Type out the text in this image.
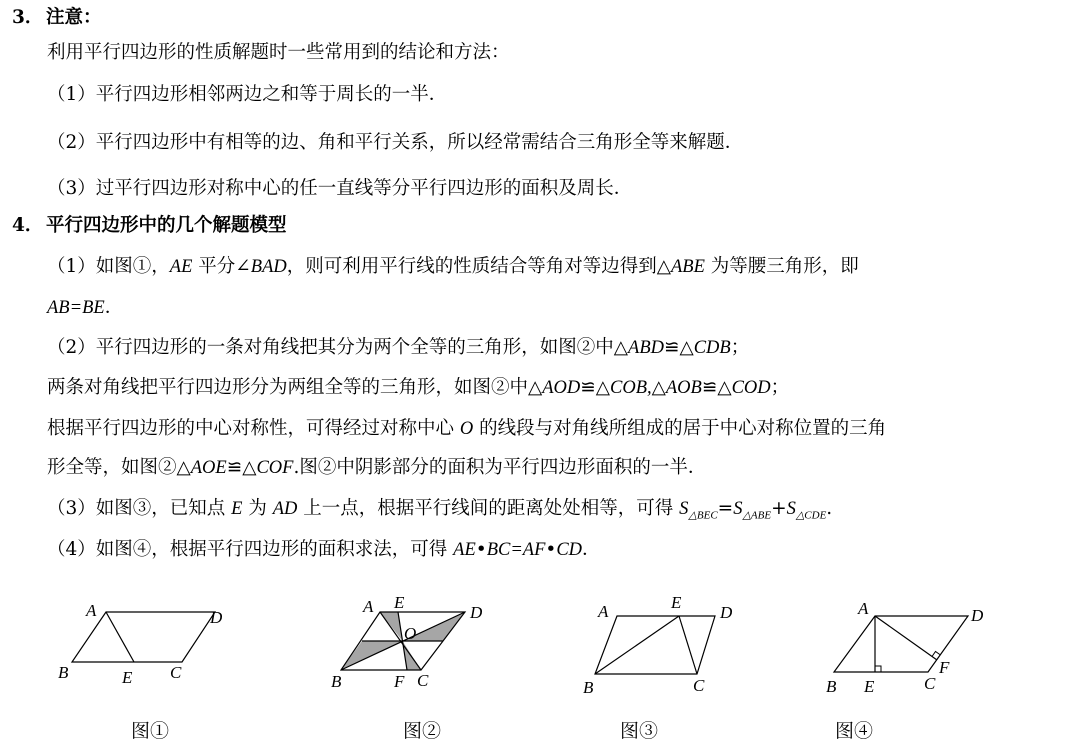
3． 注意：
利用平行四边形的性质解题时一些常用到的结论和方法：
（1）平行四边形相邻两边之和等于周长的一半．
（2）平行四边形中有相等的边、角和平行关系，所以经常需结合三角形全等来解题．
（3）过平行四边形对称中心的任一直线等分平行四边形的面积及周长．
4． 平行四边形中的几个解题模型
（1）如图①，AE 平分∠BAD，则可利用平行线的性质结合等角对等边得到△ABE 为等腰三角形，即
AB=BE．
（2）平行四边形的一条对角线把其分为两个全等的三角形，如图②中△ABD≌△CDB；
两条对角线把平行四边形分为两组全等的三角形，如图②中△AOD≌△COB,△AOB≌△COD；
根据平行四边形的中心对称性，可得经过对称中心 O 的线段与对角线所组成的居于中心对称位置的三角
形全等，如图②△AOE≌△COF.图②中阴影部分的面积为平行四边形面积的一半．
（3）如图③，已知点 E 为 AD 上一点，根据平行线间的距离处处相等，可得 $S_{\triangle BEC}=S_{\triangle ABE}+S_{\triangle CDE}$.
（4）如图④，根据平行四边形的面积求法，可得 AE•BC=AF•CD．
A	D
B	E C
图①
A E
D
O
B	F C
图②
A	E
D
B	C
图③
A	D
F
B E	C
图④
